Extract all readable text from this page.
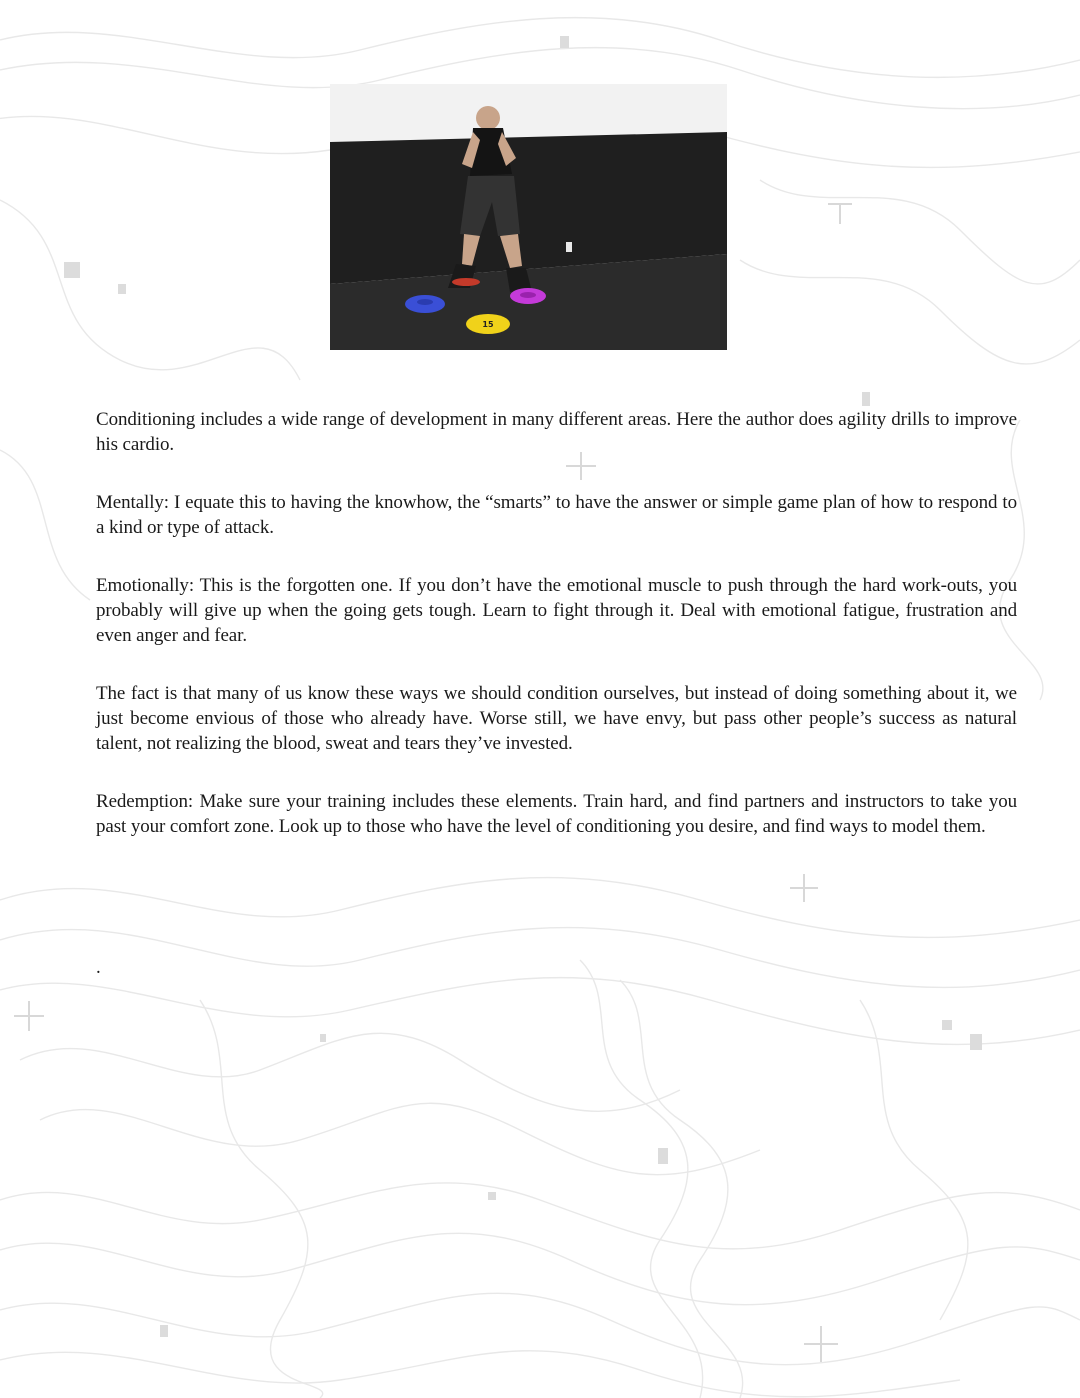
15

Conditioning includes a wide range of development in many different areas. Here the author does agility drills to improve his cardio.

Mentally: I equate this to having the knowhow, the “smarts” to have the answer or simple game plan of how to respond to a kind or type of attack.

Emotionally: This is the forgotten one. If you don’t have the emotional muscle to push through the hard work-outs, you probably will give up when the going gets tough. Learn to fight through it. Deal with emotional fatigue, frustration and even anger and fear.

The fact is that many of us know these ways we should condition ourselves, but instead of doing something about it, we just become envious of those who already have. Worse still, we have envy, but pass other people’s success as natural talent, not realizing the blood, sweat and tears they’ve invested.

Redemption: Make sure your training includes these elements. Train hard, and find partners and instructors to take you past your comfort zone. Look up to those who have the level of conditioning you desire, and find ways to model them.

.
